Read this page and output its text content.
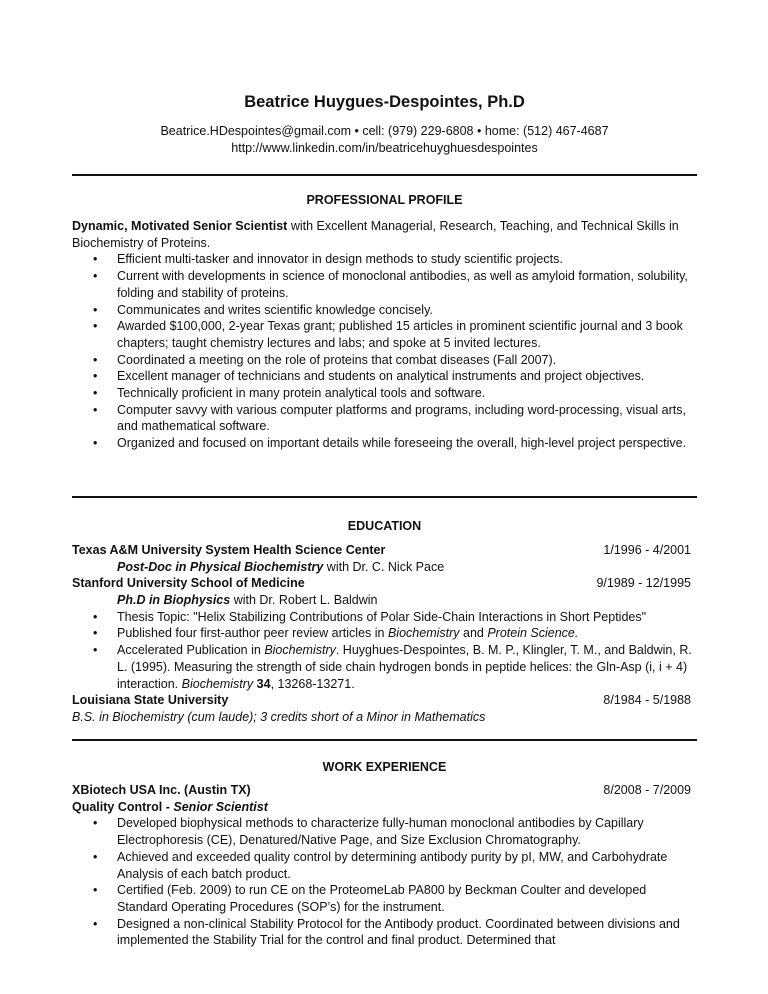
Beatrice Huygues-Despointes, Ph.D
Beatrice.HDespointes@gmail.com • cell: (979) 229-6808 • home: (512) 467-4687
http://www.linkedin.com/in/beatricehuyghuesdespointes
PROFESSIONAL PROFILE
Dynamic, Motivated Senior Scientist with Excellent Managerial, Research, Teaching, and Technical Skills in Biochemistry of Proteins.
• Efficient multi-tasker and innovator in design methods to study scientific projects.
• Current with developments in science of monoclonal antibodies, as well as amyloid formation, solubility, folding and stability of proteins.
• Communicates and writes scientific knowledge concisely.
• Awarded $100,000, 2-year Texas grant; published 15 articles in prominent scientific journal and 3 book chapters; taught chemistry lectures and labs; and spoke at 5 invited lectures.
• Coordinated a meeting on the role of proteins that combat diseases (Fall 2007).
• Excellent manager of technicians and students on analytical instruments and project objectives.
• Technically proficient in many protein analytical tools and software.
• Computer savvy with various computer platforms and programs, including word-processing, visual arts, and mathematical software.
• Organized and focused on important details while foreseeing the overall, high-level project perspective.
EDUCATION
Texas A&M University System Health Science Center	1/1996 - 4/2001
Post-Doc in Physical Biochemistry with Dr. C. Nick Pace
Stanford University School of Medicine	9/1989 - 12/1995
Ph.D in Biophysics with Dr. Robert L. Baldwin
• Thesis Topic: "Helix Stabilizing Contributions of Polar Side-Chain Interactions in Short Peptides"
• Published four first-author peer review articles in Biochemistry and Protein Science.
• Accelerated Publication in Biochemistry. Huyghues-Despointes, B. M. P., Klingler, T. M., and Baldwin, R. L. (1995). Measuring the strength of side chain hydrogen bonds in peptide helices: the Gln-Asp (i, i + 4) interaction. Biochemistry 34, 13268-13271.
Louisiana State University	8/1984 - 5/1988
B.S. in Biochemistry (cum laude); 3 credits short of a Minor in Mathematics
WORK EXPERIENCE
XBiotech USA Inc. (Austin TX)	8/2008 - 7/2009
Quality Control - Senior Scientist
• Developed biophysical methods to characterize fully-human monoclonal antibodies by Capillary Electrophoresis (CE), Denatured/Native Page, and Size Exclusion Chromatography.
• Achieved and exceeded quality control by determining antibody purity by pI, MW, and Carbohydrate Analysis of each batch product.
• Certified (Feb. 2009) to run CE on the ProteomeLab PA800 by Beckman Coulter and developed Standard Operating Procedures (SOP’s) for the instrument.
• Designed a non-clinical Stability Protocol for the Antibody product. Coordinated between divisions and implemented the Stability Trial for the control and final product. Determined that
